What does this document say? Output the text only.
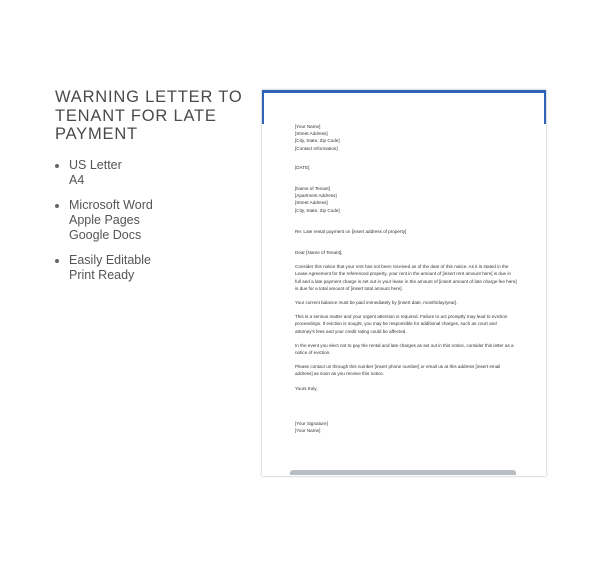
WARNING LETTER TO TENANT FOR LATE PAYMENT
US Letter
A4
Microsoft Word
Apple Pages
Google Docs
Easily Editable
Print Ready

[Your Name]
[Street Address]
[City, State, Zip Code]
[Contact Information]

[DATE]

[Name of Tenant]
[Apartment Address]
[Street Address]
[City, State, Zip Code]

Re: Late rental payment on [insert address of property]

Dear [Name of Tenant],

Consider this notice that your rent has not been received as of the date of this notice. As it is stated in the Lease Agreement for the referenced property, your rent in the amount of [insert rent amount here] is due in full and a late payment charge is set out in your lease in the amount of [insert amount of late charge fee here] is due for a total amount of [insert total amount here].

Your current balance must be paid immediately by [insert date, month/day/year].

This is a serious matter and your urgent attention is required. Failure to act promptly may lead to eviction proceedings. If eviction is sought, you may be responsible for additional charges, such as court and attorney's fees and your credit rating could be affected.

In the event you elect not to pay the rental and late charges as set out in this notice, consider this letter as a notice of eviction.

Please contact us through this number [insert phone number] or email us at this address [insert email address] as soon as you receive this notice.

Yours truly,

[Your Signature]
[Your Name]
